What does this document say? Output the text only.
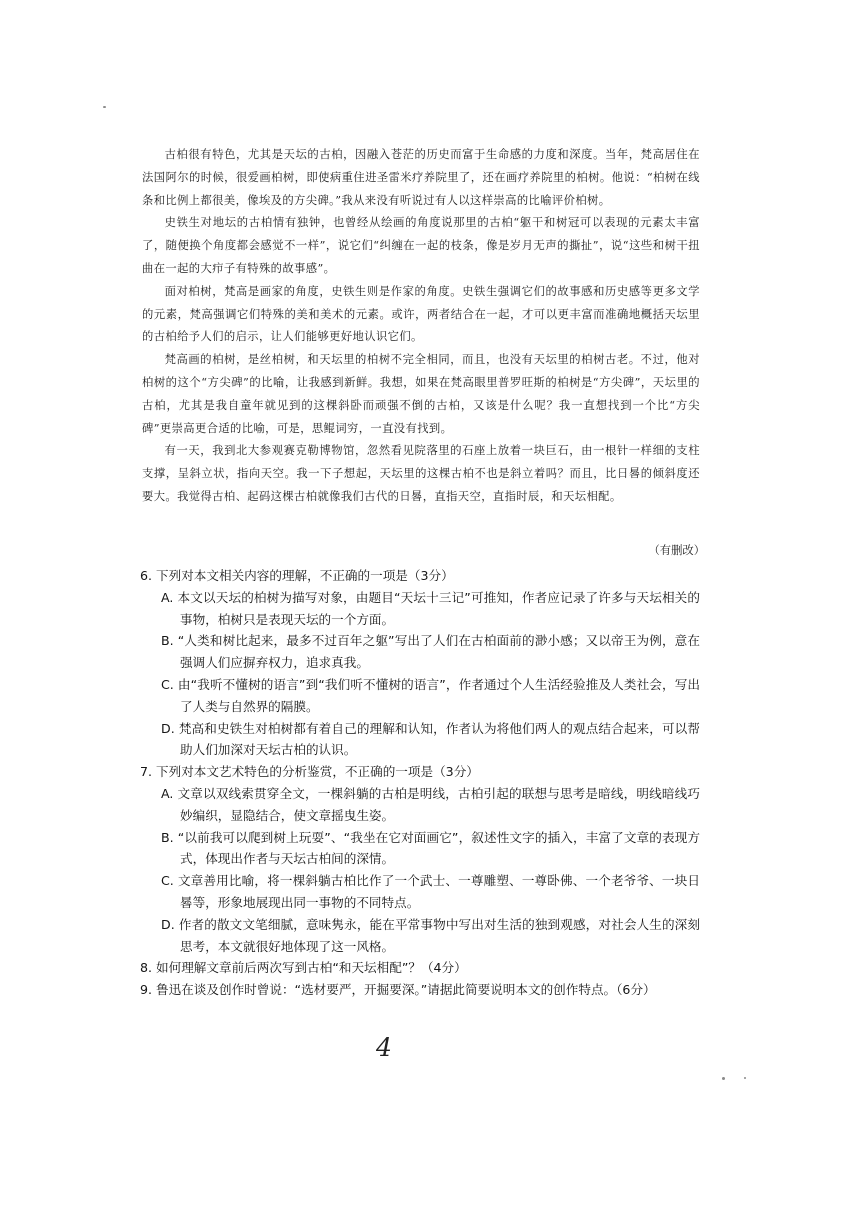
古柏很有特色，尤其是天坛的古柏，因融入苍茫的历史而富于生命感的力度和深度。当年，梵高居住在法国阿尔的时候，很爱画柏树，即使病重住进圣雷米疗养院里了，还在画疗养院里的柏树。他说：“柏树在线条和比例上都很美，像埃及的方尖碑。”我从来没有听说过有人以这样崇高的比喻评价柏树。

史铁生对地坛的古柏情有独钟，也曾经从绘画的角度说那里的古柏“躯干和树冠可以表现的元素太丰富了，随便换个角度都会感觉不一样”，说它们“纠缠在一起的枝条，像是岁月无声的撕扯”，说“这些和树干扭曲在一起的大疖子有特殊的故事感”。

面对柏树，梵高是画家的角度，史铁生则是作家的角度。史铁生强调它们的故事感和历史感等更多文学的元素，梵高强调它们特殊的美和美术的元素。或许，两者结合在一起，才可以更丰富而准确地概括天坛里的古柏给予人们的启示，让人们能够更好地认识它们。

梵高画的柏树，是丝柏树，和天坛里的柏树不完全相同，而且，也没有天坛里的柏树古老。不过，他对柏树的这个“方尖碑”的比喻，让我感到新鲜。我想，如果在梵高眼里普罗旺斯的柏树是“方尖碑”，天坛里的古柏，尤其是我自童年就见到的这棵斜卧而顽强不倒的古柏，又该是什么呢？我一直想找到一个比“方尖碑”更崇高更合适的比喻，可是，思鲲词穷，一直没有找到。

有一天，我到北大参观赛克勒博物馆，忽然看见院落里的石座上放着一块巨石，由一根针一样细的支柱支撑，呈斜立状，指向天空。我一下子想起，天坛里的这棵古柏不也是斜立着吗？而且，比日晷的倾斜度还要大。我觉得古柏、起码这棵古柏就像我们古代的日晷，直指天空，直指时辰，和天坛相配。

（有删改）

6. 下列对本文相关内容的理解，不正确的一项是（3分）

A. 本文以天坛的柏树为描写对象，由题目“天坛十三记”可推知，作者应记录了许多与天坛相关的事物，柏树只是表现天坛的一个方面。

B. “人类和树比起来，最多不过百年之躯”写出了人们在古柏面前的渺小感；又以帝王为例，意在强调人们应摒弃权力，追求真我。

C. 由“我听不懂树的语言”到“我们听不懂树的语言”，作者通过个人生活经验推及人类社会，写出了人类与自然界的隔膜。

D. 梵高和史铁生对柏树都有着自己的理解和认知，作者认为将他们两人的观点结合起来，可以帮助人们加深对天坛古柏的认识。

7. 下列对本文艺术特色的分析鉴赏，不正确的一项是（3分）

A. 文章以双线索贯穿全文，一棵斜躺的古柏是明线，古柏引起的联想与思考是暗线，明线暗线巧妙编织，显隐结合，使文章摇曳生姿。

B. “以前我可以爬到树上玩耍”、“我坐在它对面画它”，叙述性文字的插入，丰富了文章的表现方式，体现出作者与天坛古柏间的深情。

C. 文章善用比喻，将一棵斜躺古柏比作了一个武士、一尊雕塑、一尊卧佛、一个老爷爷、一块日晷等，形象地展现出同一事物的不同特点。

D. 作者的散文文笔细腻，意味隽永，能在平常事物中写出对生活的独到观感，对社会人生的深刻思考，本文就很好地体现了这一风格。

8. 如何理解文章前后两次写到古柏“和天坛相配”？（4分）

9. 鲁迅在谈及创作时曾说：“选材要严，开掘要深。”请据此简要说明本文的创作特点。（6分）

4
